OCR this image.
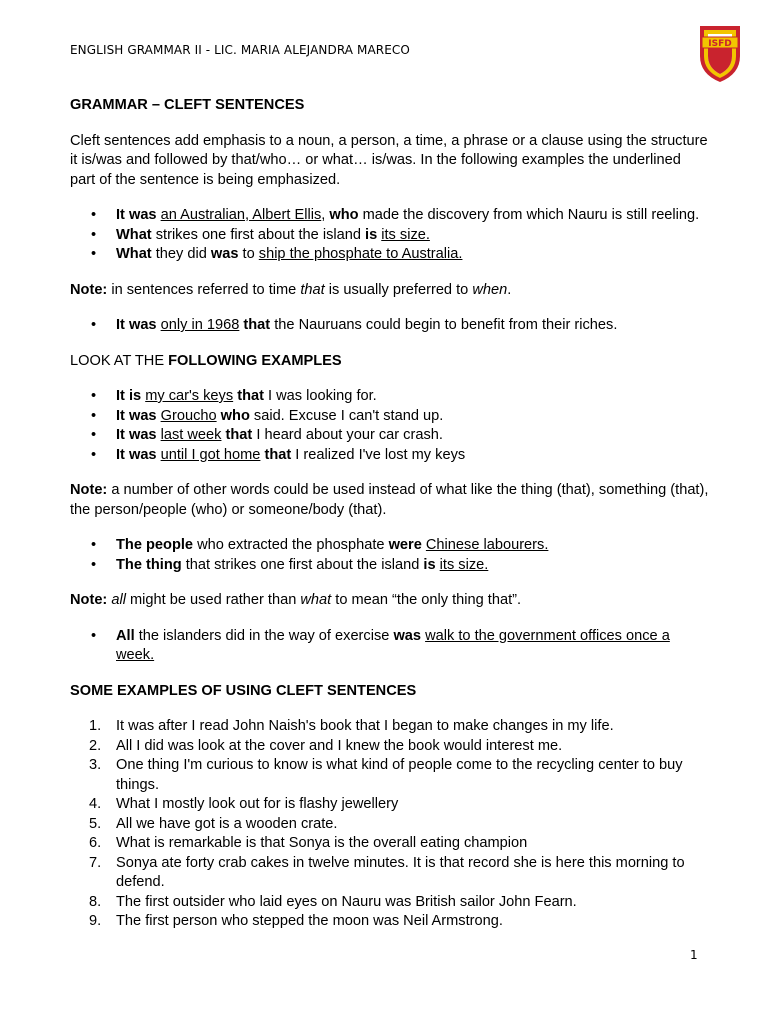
ENGLISH GRAMMAR II - LIC. MARIA ALEJANDRA MARECO	ISFD
GRAMMAR – CLEFT SENTENCES

Cleft sentences add emphasis to a noun, a person, a time, a phrase or a clause using the structure it is/was and followed by that/who… or what… is/was. In the following examples the underlined part of the sentence is being emphasized.

• It was an Australian, Albert Ellis, who made the discovery from which Nauru is still reeling.
• What strikes one first about the island is its size.
• What they did was to ship the phosphate to Australia.

Note: in sentences referred to time that is usually preferred to when.

• It was only in 1968 that the Nauruans could begin to benefit from their riches.

LOOK AT THE FOLLOWING EXAMPLES

• It is my car's keys that I was looking for.
• It was Groucho who said. Excuse I can't stand up.
• It was last week that I heard about your car crash.
• It was until I got home that I realized I've lost my keys

Note: a number of other words could be used instead of what like the thing (that), something (that), the person/people (who) or someone/body (that).

• The people who extracted the phosphate were Chinese labourers.
• The thing that strikes one first about the island is its size.

Note: all might be used rather than what to mean “the only thing that”.

• All the islanders did in the way of exercise was walk to the government offices once a week.
SOME EXAMPLES OF USING CLEFT SENTENCES
1. It was after I read John Naish's book that I began to make changes in my life.
2. All I did was look at the cover and I knew the book would interest me.
3. One thing I'm curious to know is what kind of people come to the recycling center to buy things.
4. What I mostly look out for is flashy jewellery
5. All we have got is a wooden crate.
6. What is remarkable is that Sonya is the overall eating champion
7. Sonya ate forty crab cakes in twelve minutes. It is that record she is here this morning to defend.
8. The first outsider who laid eyes on Nauru was British sailor John Fearn.
9. The first person who stepped the moon was Neil Armstrong.
1
